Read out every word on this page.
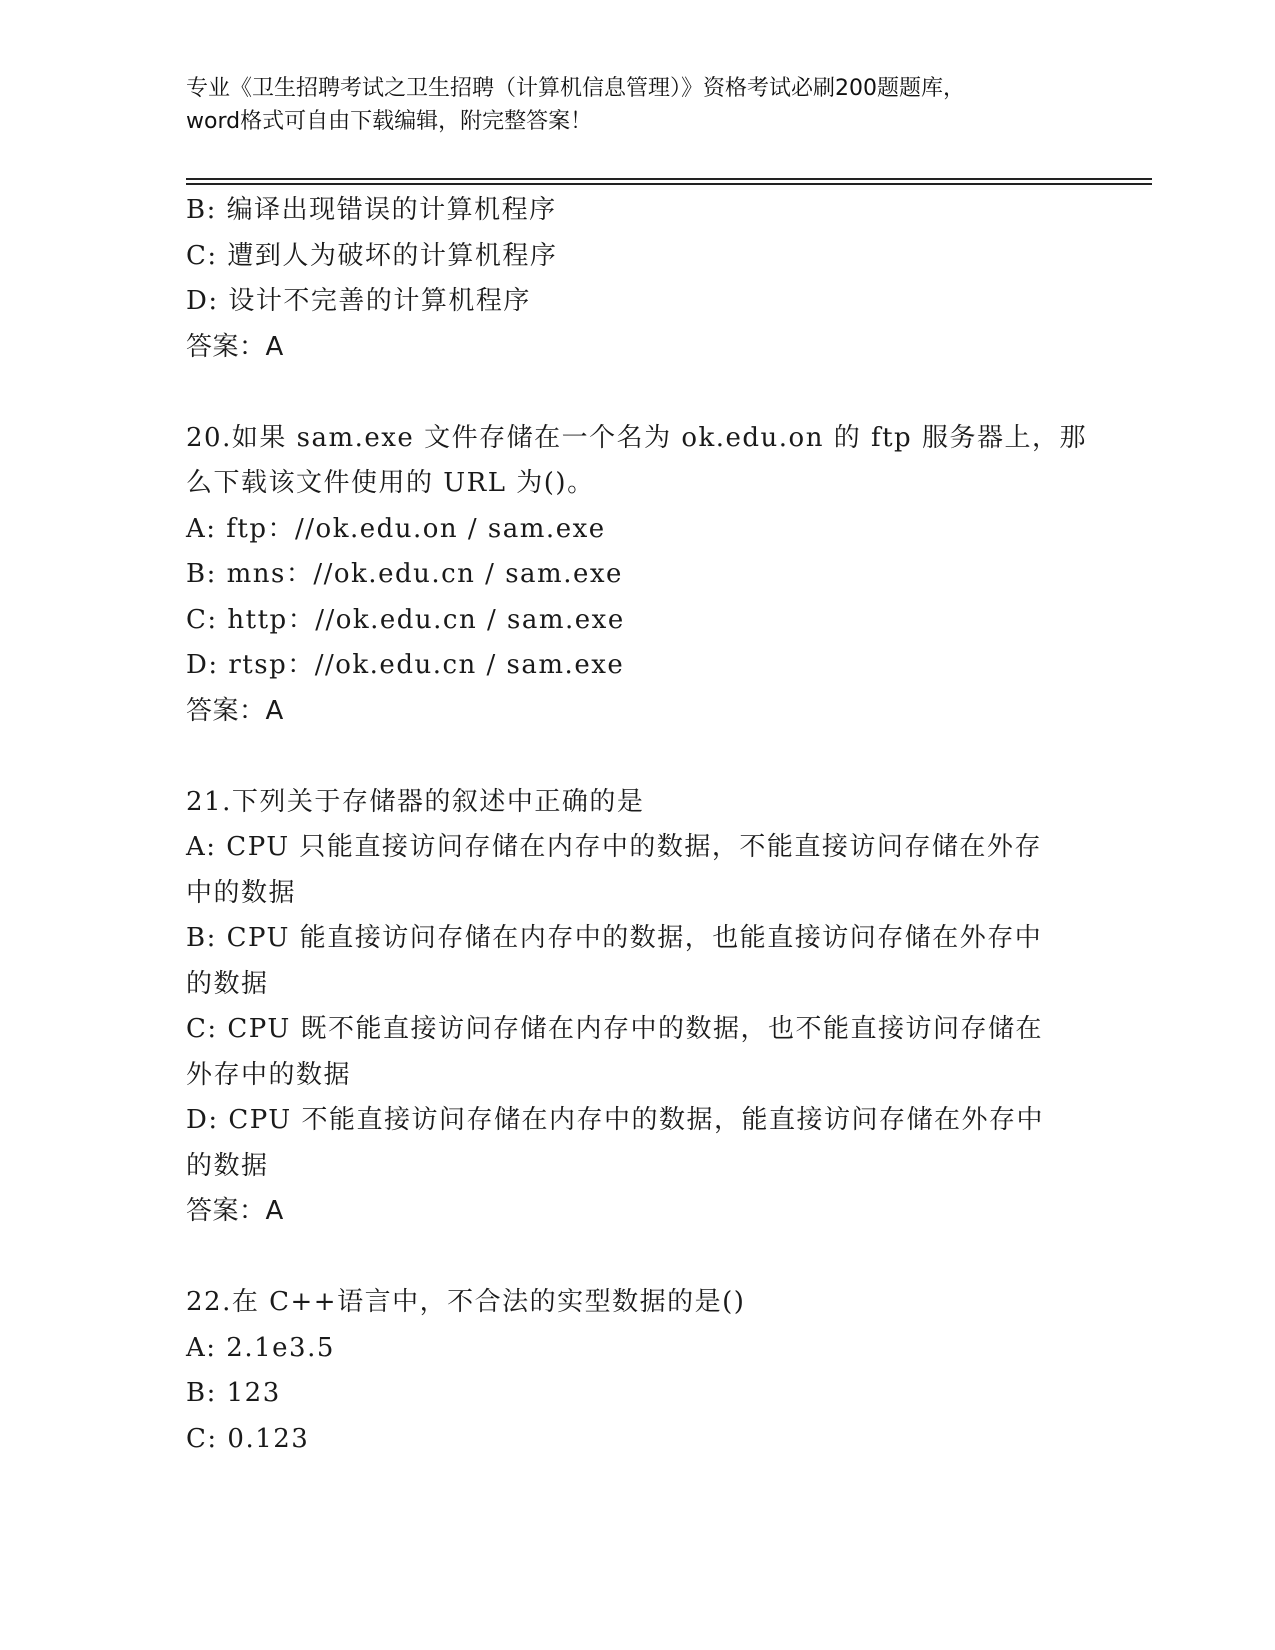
专业《卫生招聘考试之卫生招聘（计算机信息管理）》资格考试必刷200题题库，
word格式可自由下载编辑，附完整答案！
B: 编译出现错误的计算机程序
C: 遭到人为破坏的计算机程序
D: 设计不完善的计算机程序
答案：A
20.如果 sam.exe 文件存储在一个名为 ok.edu.on 的 ftp 服务器上，那
么下载该文件使用的 URL 为()。
A: ftp：//ok.edu.on / sam.exe
B: mns：//ok.edu.cn / sam.exe
C: http：//ok.edu.cn / sam.exe
D: rtsp：//ok.edu.cn / sam.exe
答案：A
21.下列关于存储器的叙述中正确的是
A: CPU 只能直接访问存储在内存中的数据，不能直接访问存储在外存
中的数据
B: CPU 能直接访问存储在内存中的数据，也能直接访问存储在外存中
的数据
C: CPU 既不能直接访问存储在内存中的数据，也不能直接访问存储在
外存中的数据
D: CPU 不能直接访问存储在内存中的数据，能直接访问存储在外存中
的数据
答案：A
22.在 C++语言中，不合法的实型数据的是()
A: 2.1e3.5
B: 123
C: 0.123
